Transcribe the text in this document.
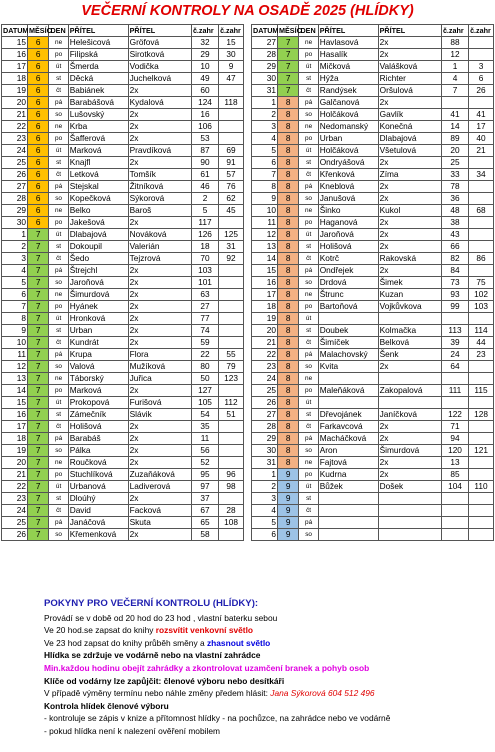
VEČERNÍ KONTROLY NA OSADĚ 2025 (HLÍDKY)
DATUM	MĚSÍC	DEN	PŘÍTEL	PŘÍTEL	č.zahr	č.zahr
15	6	ne	Helešicová	Gröfová	32	15
16	6	po	Filipská	Sirotková	29	30
17	6	út	Šmerda	Vodička	10	9
18	6	st	Děcká	Juchelková	49	47
19	6	čt	Babiánek	2x	60	
20	6	pá	Barabášová	Kydalová	124	118
21	6	so	Lušovský	2x	16	
22	6	ne	Krba	2x	106	
23	6	po	Šafferová	2x	53	
24	6	út	Marková	Pravdíková	87	69
25	6	st	Knajfl	2x	90	91
26	6	čt	Letková	Tomšík	61	57
27	6	pá	Stejskal	Žitníková	46	76
28	6	so	Kopečková	Sýkorová	2	62
29	6	ne	Belko	Baroš	5	45
30	6	po	Jakešová	2x	117	
1	7	út	Dlabajová	Nováková	126	125
2	7	st	Dokoupil	Valerián	18	31
3	7	čt	Šedo	Tejzrová	70	92
4	7	pá	Štrejchl	2x	103	
5	7	so	Jaroňová	2x	101	
6	7	ne	Šimurdová	2x	63	
7	7	po	Hyánek	2x	27	
8	7	út	Hronková	2x	77	
9	7	st	Urban	2x	74	
10	7	čt	Kundrát	2x	59	
11	7	pá	Krupa	Flora	22	55
12	7	so	Valová	Mužíková	80	79
13	7	ne	Táborský	Juřica	50	123
14	7	po	Marková	2x	127	
15	7	út	Prokopová	Furišová	105	112
16	7	st	Zámečník	Slávik	54	51
17	7	čt	Holišová	2x	35	
18	7	pá	Barabáš	2x	11	
19	7	so	Pálka	2x	56	
20	7	ne	Roučková	2x	52	
21	7	po	Stuchlíková	Zuzaňáková	95	96
22	7	út	Urbanová	Ladiverová	97	98
23	7	st	Dloúhý	2x	37	
24	7	čt	David	Facková	67	28
25	7	pá	Janáčová	Skuta	65	108
26	7	so	Křemenková	2x	58	
DATUM	MĚSÍC	DEN	PŘÍTEL	PŘÍTEL	č.zahr	č.zahr
27	7	ne	Havlasová	2x	88	
28	7	po	Hasalík	2x	12	
29	7	út	Mičková	Valášková	1	3
30	7	st	Hýža	Richter	4	6
31	7	čt	Randýsek	Oršulová	7	26
1	8	pá	Galčanová	2x		
2	8	so	Holčáková	Gavlík	41	41
3	8	ne	Nedomanský	Konečná	14	17
4	8	po	Urban	Dlabajová	89	40
5	8	út	Holčáková	Všetulová	20	21
6	8	st	Ondryášová	2x	25	
7	8	čt	Křenková	Zíma	33	34
8	8	pá	Kneblová	2x	78	
9	8	so	Janušová	2x	36	
10	8	ne	Šinko	Kukol	48	68
11	8	po	Haganová	2x	38	
12	8	út	Jaroňová	2x	43	
13	8	st	Holišová	2x	66	
14	8	čt	Kotrč	Rakovská	82	86
15	8	pá	Ondřejek	2x	84	
16	8	so	Drdová	Šimek	73	75
17	8	ne	Štrunc	Kuzan	93	102
18	8	po	Bartoňová	Vojkůvkova	99	103
19	8	út				
20	8	st	Doubek	Kolmačka	113	114
21	8	čt	Šimíček	Belková	39	44
22	8	pá	Malachovský	Šenk	24	23
23	8	so	Kvita	2x	64	
24	8	ne				
25	8	po	Maleňáková	Zakopalová	111	115
26	8	út				
27	8	st	Dřevojánek	Janíčková	122	128
28	8	čt	Farkavcová	2x	71	
29	8	pá	Macháčková	2x	94	
30	8	so	Aron	Šimurdová	120	121
31	8	ne	Fajtová	2x	13	
1	9	po	Kudrna	2x	85	
2	9	út	Bůžek	Došek	104	110
3	9	st				
4	9	čt				
5	9	pá				
6	9	so				
POKYNY PRO VEČERNÍ KONTROLU (HLÍDKY):
Provádí se v době od 20 hod do 23 hod , vlastní baterku sebou
Ve 20 hod.se zapsat do knihy rozsvítit venkovní světlo
Ve 23 hod zapsat do knihy průběh směny a zhasnout světlo
Hlídka se zdržuje ve vodárně nebo na vlastní zahrádce
Min.každou hodinu obejít zahrádky a zkontrolovat uzamčení branek a pohyb osob
Klíče od vodárny lze zapůjčit: členové výboru nebo desítkáři
V případě výměny termínu nebo náhle změny předem hlásit: Jana Sýkorová 604 512 496
Kontrola hlídek členové výboru
- kontroluje se zápis v knize a přítomnost hlídky - na pochůzce, na zahrádce nebo ve vodárně
- pokud hlídka není k nalezení ověření mobilem
